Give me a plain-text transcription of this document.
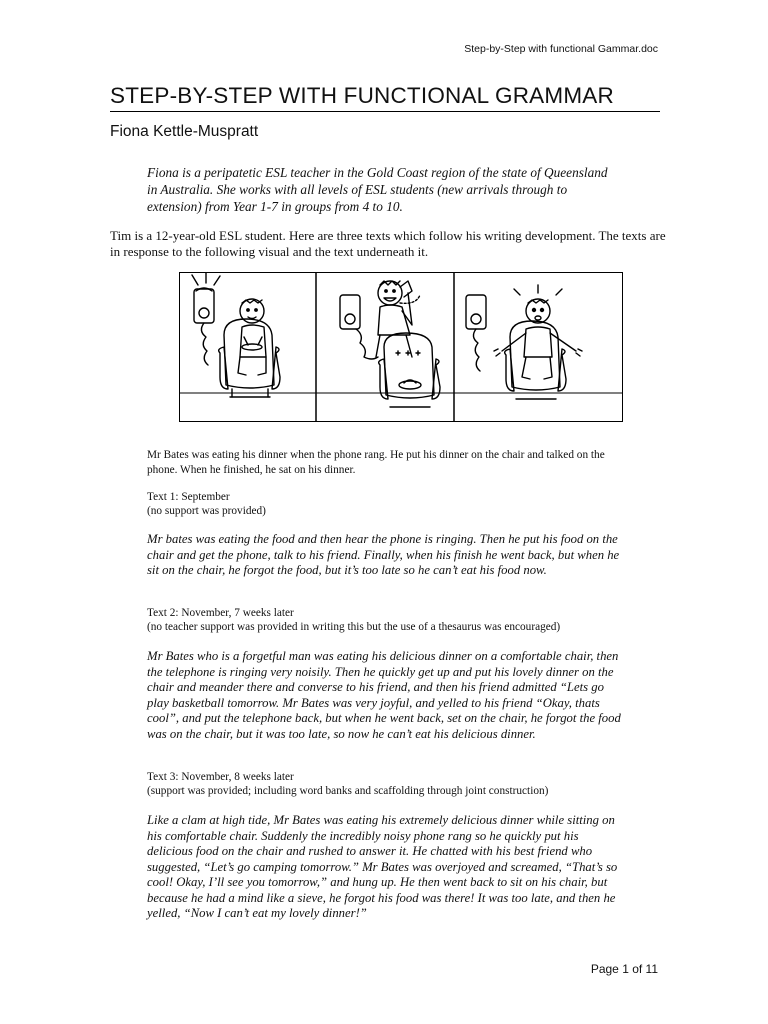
Step-by-Step with functional Gammar.doc
STEP-BY-STEP WITH FUNCTIONAL GRAMMAR
Fiona Kettle-Muspratt
Fiona is a peripatetic ESL teacher in the Gold Coast region of the state of Queensland in Australia. She works with all levels of ESL students (new arrivals through to extension) from Year 1-7 in groups from 4 to 10.
Tim is a 12-year-old ESL student. Here are three texts which follow his writing development. The texts are in response to the following visual and the text underneath it.
Mr Bates was eating his dinner when the phone rang. He put his dinner on the chair and talked on the phone. When he finished, he sat on his dinner.
Text 1: September
(no support was provided)
Mr bates was eating the food and then hear the phone is ringing. Then he put his food on the chair and get the phone, talk to his friend. Finally, when his finish he went back, but when he sit on the chair, he forgot the food, but it’s too late so he can’t eat his food now.
Text 2: November, 7 weeks later
(no teacher support was provided in writing this but the use of a thesaurus was encouraged)
Mr Bates who is a forgetful man was eating his delicious dinner on a comfortable chair, then the telephone is ringing very noisily. Then he quickly get up and put his lovely dinner on the chair and meander there and converse to his friend, and then his friend admitted “Lets go play basketball tomorrow. Mr Bates was very joyful, and yelled to his friend “Okay, thats cool”, and put the telephone back, but when he went back, set on the chair, he forgot the food was on the chair, but it was too late, so now he can’t eat his delicious dinner.
Text 3: November, 8 weeks later
(support was provided; including word banks and scaffolding through joint construction)
Like a clam at high tide, Mr Bates was eating his extremely delicious dinner while sitting on his comfortable chair. Suddenly the incredibly noisy phone rang so he quickly put his delicious food on the chair and rushed to answer it. He chatted with his best friend who suggested, “Let’s go camping tomorrow.” Mr Bates was overjoyed and screamed, “That’s so cool! Okay, I’ll see you tomorrow,” and hung up. He then went back to sit on his chair, but because he had a mind like a sieve, he forgot his food was there! It was too late, and then he yelled, “Now I can’t eat my lovely dinner!”
Page 1 of 11
